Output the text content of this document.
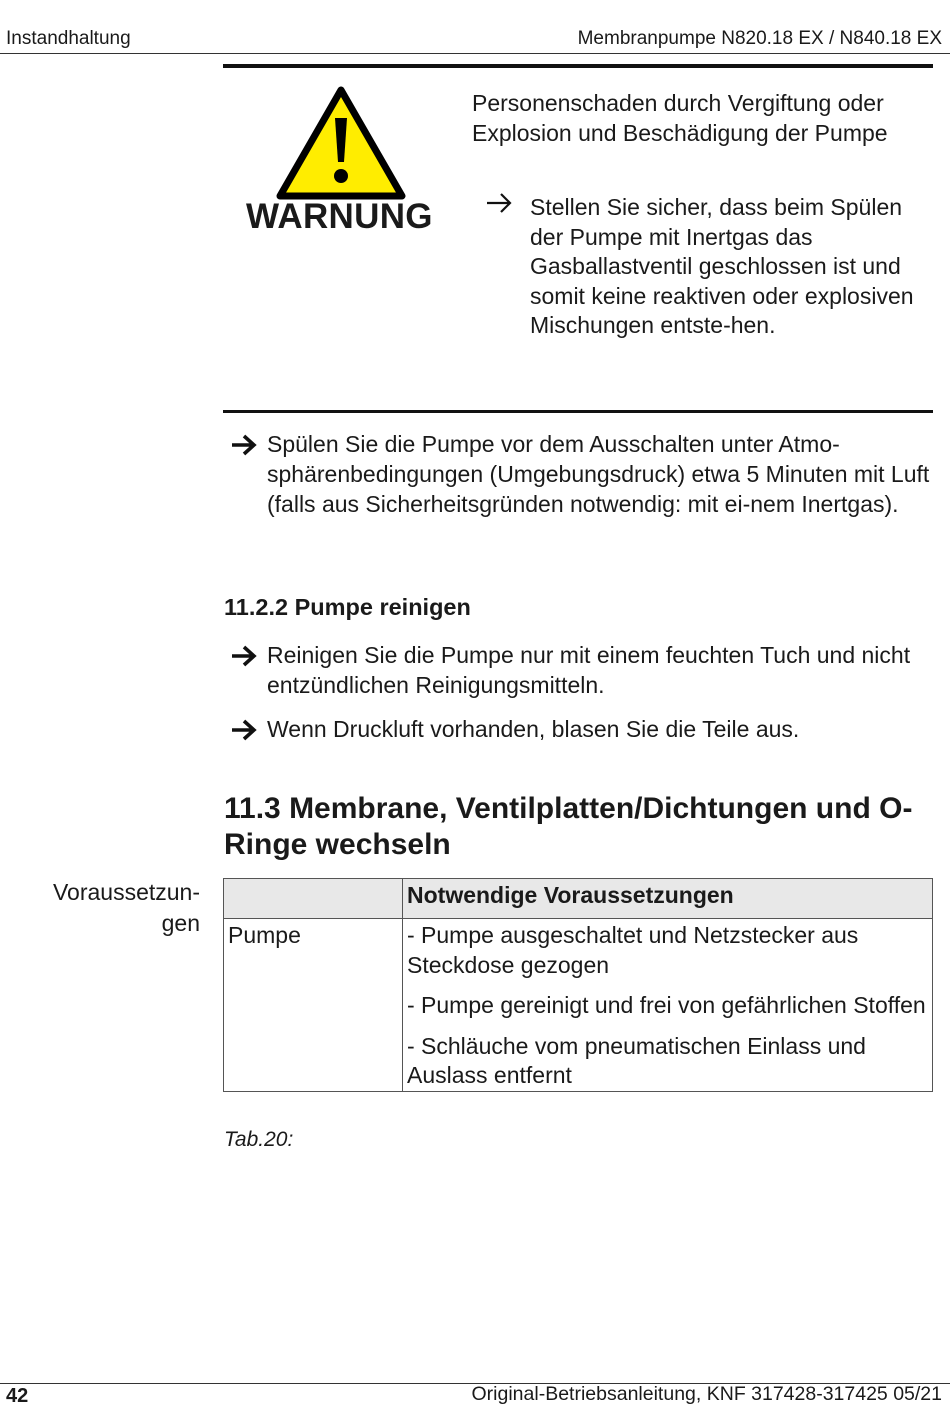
Instandhaltung	Membranpumpe N820.18 EX / N840.18 EX
WARNUNG
Personenschaden durch Vergiftung oder Explosion und Beschädigung der Pumpe
Stellen Sie sicher, dass beim Spülen der Pumpe mit Inertgas das Gasballastventil geschlossen ist und somit keine reaktiven oder explosiven Mischungen entste-hen.
Spülen Sie die Pumpe vor dem Ausschalten unter Atmo-sphärenbedingungen (Umgebungsdruck) etwa 5 Minuten mit Luft (falls aus Sicherheitsgründen notwendig: mit ei-nem Inertgas).
11.2.2 Pumpe reinigen
Reinigen Sie die Pumpe nur mit einem feuchten Tuch und nicht entzündlichen Reinigungsmitteln.
Wenn Druckluft vorhanden, blasen Sie die Teile aus.
11.3 Membrane, Ventilplatten/Dichtungen und O-Ringe wechseln
Voraussetzun-gen
	Notwendige Voraussetzungen
Pumpe	- Pumpe ausgeschaltet und Netzstecker aus Steckdose gezogen
- Pumpe gereinigt und frei von gefährlichen Stoffen
- Schläuche vom pneumatischen Einlass und Auslass entfernt
Tab.20:
42	Original-Betriebsanleitung, KNF 317428-317425 05/21
